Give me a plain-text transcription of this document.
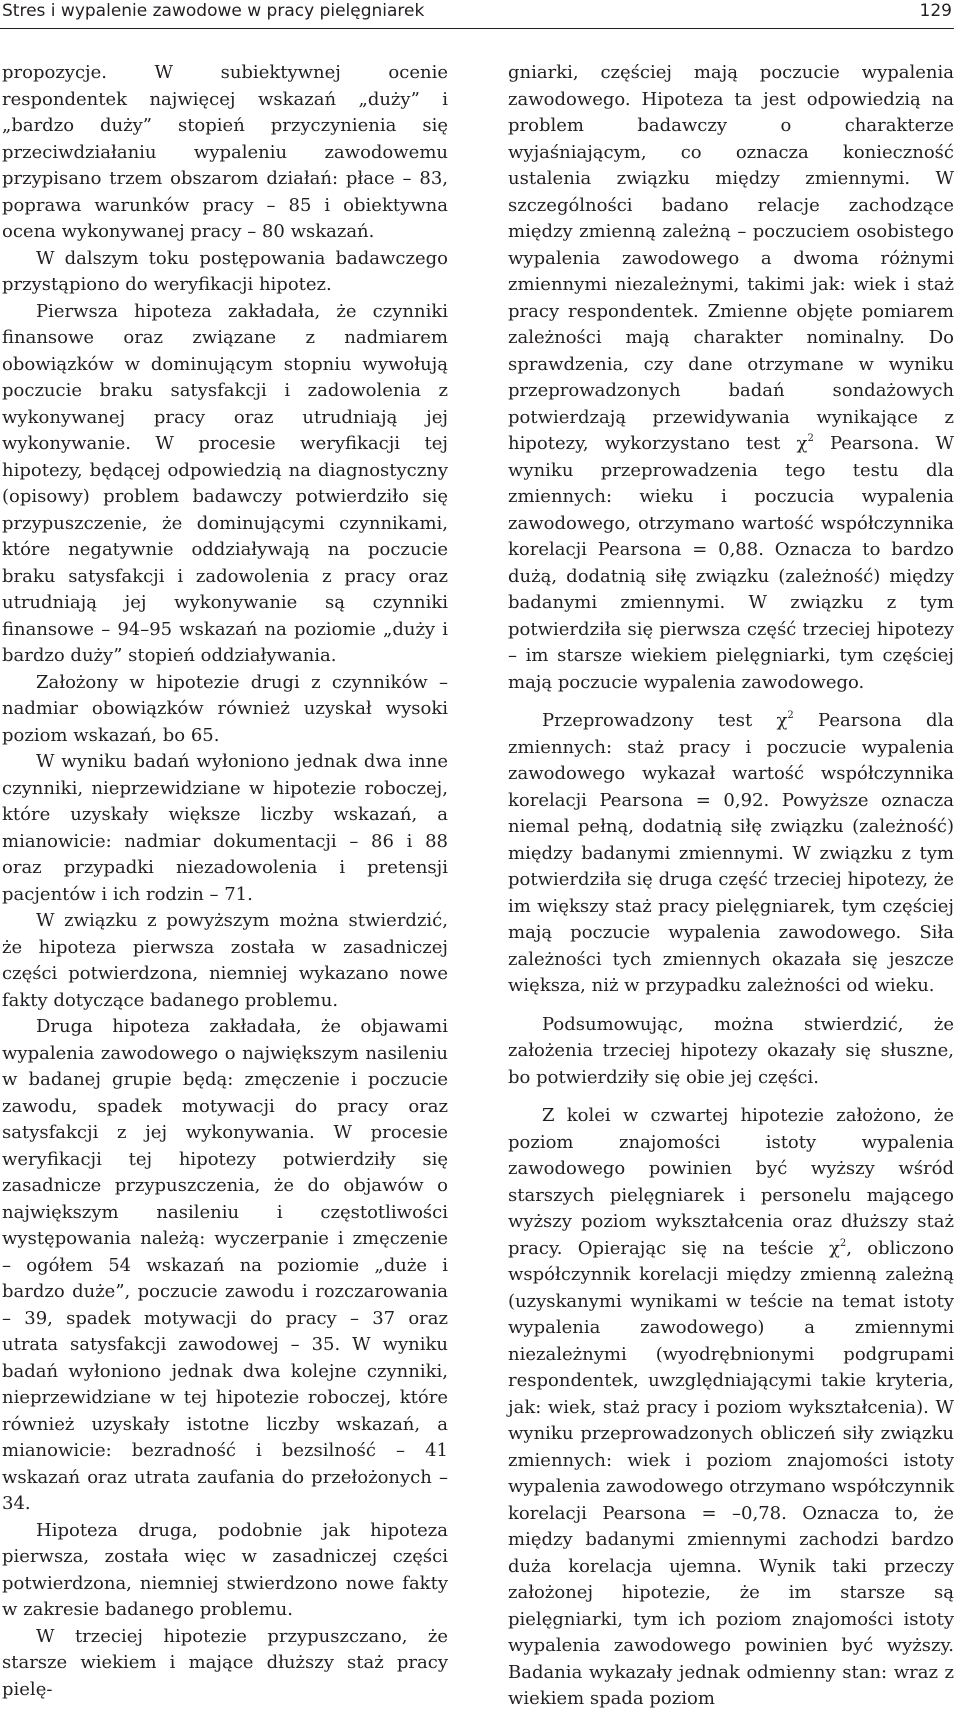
Stres i wypalenie zawodowe w pracy pielęgniarek	129

propozycje. W subiektywnej ocenie respondentek najwięcej wskazań „duży” i „bardzo duży” stopień przyczynienia się przeciwdziałaniu wypaleniu zawodowemu przypisano trzem obszarom działań: płace – 83, poprawa warunków pracy – 85 i obiektywna ocena wykonywanej pracy – 80 wskazań.

W dalszym toku postępowania badawczego przystąpiono do weryfikacji hipotez.

Pierwsza hipoteza zakładała, że czynniki finansowe oraz związane z nadmiarem obowiązków w dominującym stopniu wywołują poczucie braku satysfakcji i zadowolenia z wykonywanej pracy oraz utrudniają jej wykonywanie. W procesie weryfikacji tej hipotezy, będącej odpowiedzią na diagnostyczny (opisowy) problem badawczy potwierdziło się przypuszczenie, że dominującymi czynnikami, które negatywnie oddziaływają na poczucie braku satysfakcji i zadowolenia z pracy oraz utrudniają jej wykonywanie są czynniki finansowe – 94–95 wskazań na poziomie „duży i bardzo duży” stopień oddziaływania.

Założony w hipotezie drugi z czynników – nadmiar obowiązków również uzyskał wysoki poziom wskazań, bo 65.

W wyniku badań wyłoniono jednak dwa inne czynniki, nieprzewidziane w hipotezie roboczej, które uzyskały większe liczby wskazań, a mianowicie: nadmiar dokumentacji – 86 i 88 oraz przypadki niezadowolenia i pretensji pacjentów i ich rodzin – 71.

W związku z powyższym można stwierdzić, że hipoteza pierwsza została w zasadniczej części potwierdzona, niemniej wykazano nowe fakty dotyczące badanego problemu.

Druga hipoteza zakładała, że objawami wypalenia zawodowego o największym nasileniu w badanej grupie będą: zmęczenie i poczucie zawodu, spadek motywacji do pracy oraz satysfakcji z jej wykonywania. W procesie weryfikacji tej hipotezy potwierdziły się zasadnicze przypuszczenia, że do objawów o największym nasileniu i częstotliwości występowania należą: wyczerpanie i zmęczenie – ogółem 54 wskazań na poziomie „duże i bardzo duże”, poczucie zawodu i rozczarowania – 39, spadek motywacji do pracy – 37 oraz utrata satysfakcji zawodowej – 35. W wyniku badań wyłoniono jednak dwa kolejne czynniki, nieprzewidziane w tej hipotezie roboczej, które również uzyskały istotne liczby wskazań, a mianowicie: bezradność i bezsilność – 41 wskazań oraz utrata zaufania do przełożonych – 34.

Hipoteza druga, podobnie jak hipoteza pierwsza, została więc w zasadniczej części potwierdzona, niemniej stwierdzono nowe fakty w zakresie badanego problemu.

W trzeciej hipotezie przypuszczano, że starsze wiekiem i mające dłuższy staż pracy pielę-

gniarki, częściej mają poczucie wypalenia zawodowego. Hipoteza ta jest odpowiedzią na problem badawczy o charakterze wyjaśniającym, co oznacza konieczność ustalenia związku między zmiennymi. W szczególności badano relacje zachodzące między zmienną zależną – poczuciem osobistego wypalenia zawodowego a dwoma różnymi zmiennymi niezależnymi, takimi jak: wiek i staż pracy respondentek. Zmienne objęte pomiarem zależności mają charakter nominalny. Do sprawdzenia, czy dane otrzymane w wyniku przeprowadzonych badań sondażowych potwierdzają przewidywania wynikające z hipotezy, wykorzystano test $\chi^2$ Pearsona. W wyniku przeprowadzenia tego testu dla zmiennych: wieku i poczucia wypalenia zawodowego, otrzymano wartość współczynnika korelacji Pearsona = 0,88. Oznacza to bardzo dużą, dodatnią siłę związku (zależność) między badanymi zmiennymi. W związku z tym potwierdziła się pierwsza część trzeciej hipotezy – im starsze wiekiem pielęgniarki, tym częściej mają poczucie wypalenia zawodowego.

Przeprowadzony test $\chi^2$ Pearsona dla zmiennych: staż pracy i poczucie wypalenia zawodowego wykazał wartość współczynnika korelacji Pearsona = 0,92. Powyższe oznacza niemal pełną, dodatnią siłę związku (zależność) między badanymi zmiennymi. W związku z tym potwierdziła się druga część trzeciej hipotezy, że im większy staż pracy pielęgniarek, tym częściej mają poczucie wypalenia zawodowego. Siła zależności tych zmiennych okazała się jeszcze większa, niż w przypadku zależności od wieku.

Podsumowując, można stwierdzić, że założenia trzeciej hipotezy okazały się słuszne, bo potwierdziły się obie jej części.

Z kolei w czwartej hipotezie założono, że poziom znajomości istoty wypalenia zawodowego powinien być wyższy wśród starszych pielęgniarek i personelu mającego wyższy poziom wykształcenia oraz dłuższy staż pracy. Opierając się na teście $\chi^2$, obliczono współczynnik korelacji między zmienną zależną (uzyskanymi wynikami w teście na temat istoty wypalenia zawodowego) a zmiennymi niezależnymi (wyodrębnionymi podgrupami respondentek, uwzględniającymi takie kryteria, jak: wiek, staż pracy i poziom wykształcenia). W wyniku przeprowadzonych obliczeń siły związku zmiennych: wiek i poziom znajomości istoty wypalenia zawodowego otrzymano współczynnik korelacji Pearsona = –0,78. Oznacza to, że między badanymi zmiennymi zachodzi bardzo duża korelacja ujemna. Wynik taki przeczy założonej hipotezie, że im starsze są pielęgniarki, tym ich poziom znajomości istoty wypalenia zawodowego powinien być wyższy. Badania wykazały jednak odmienny stan: wraz z wiekiem spada poziom
